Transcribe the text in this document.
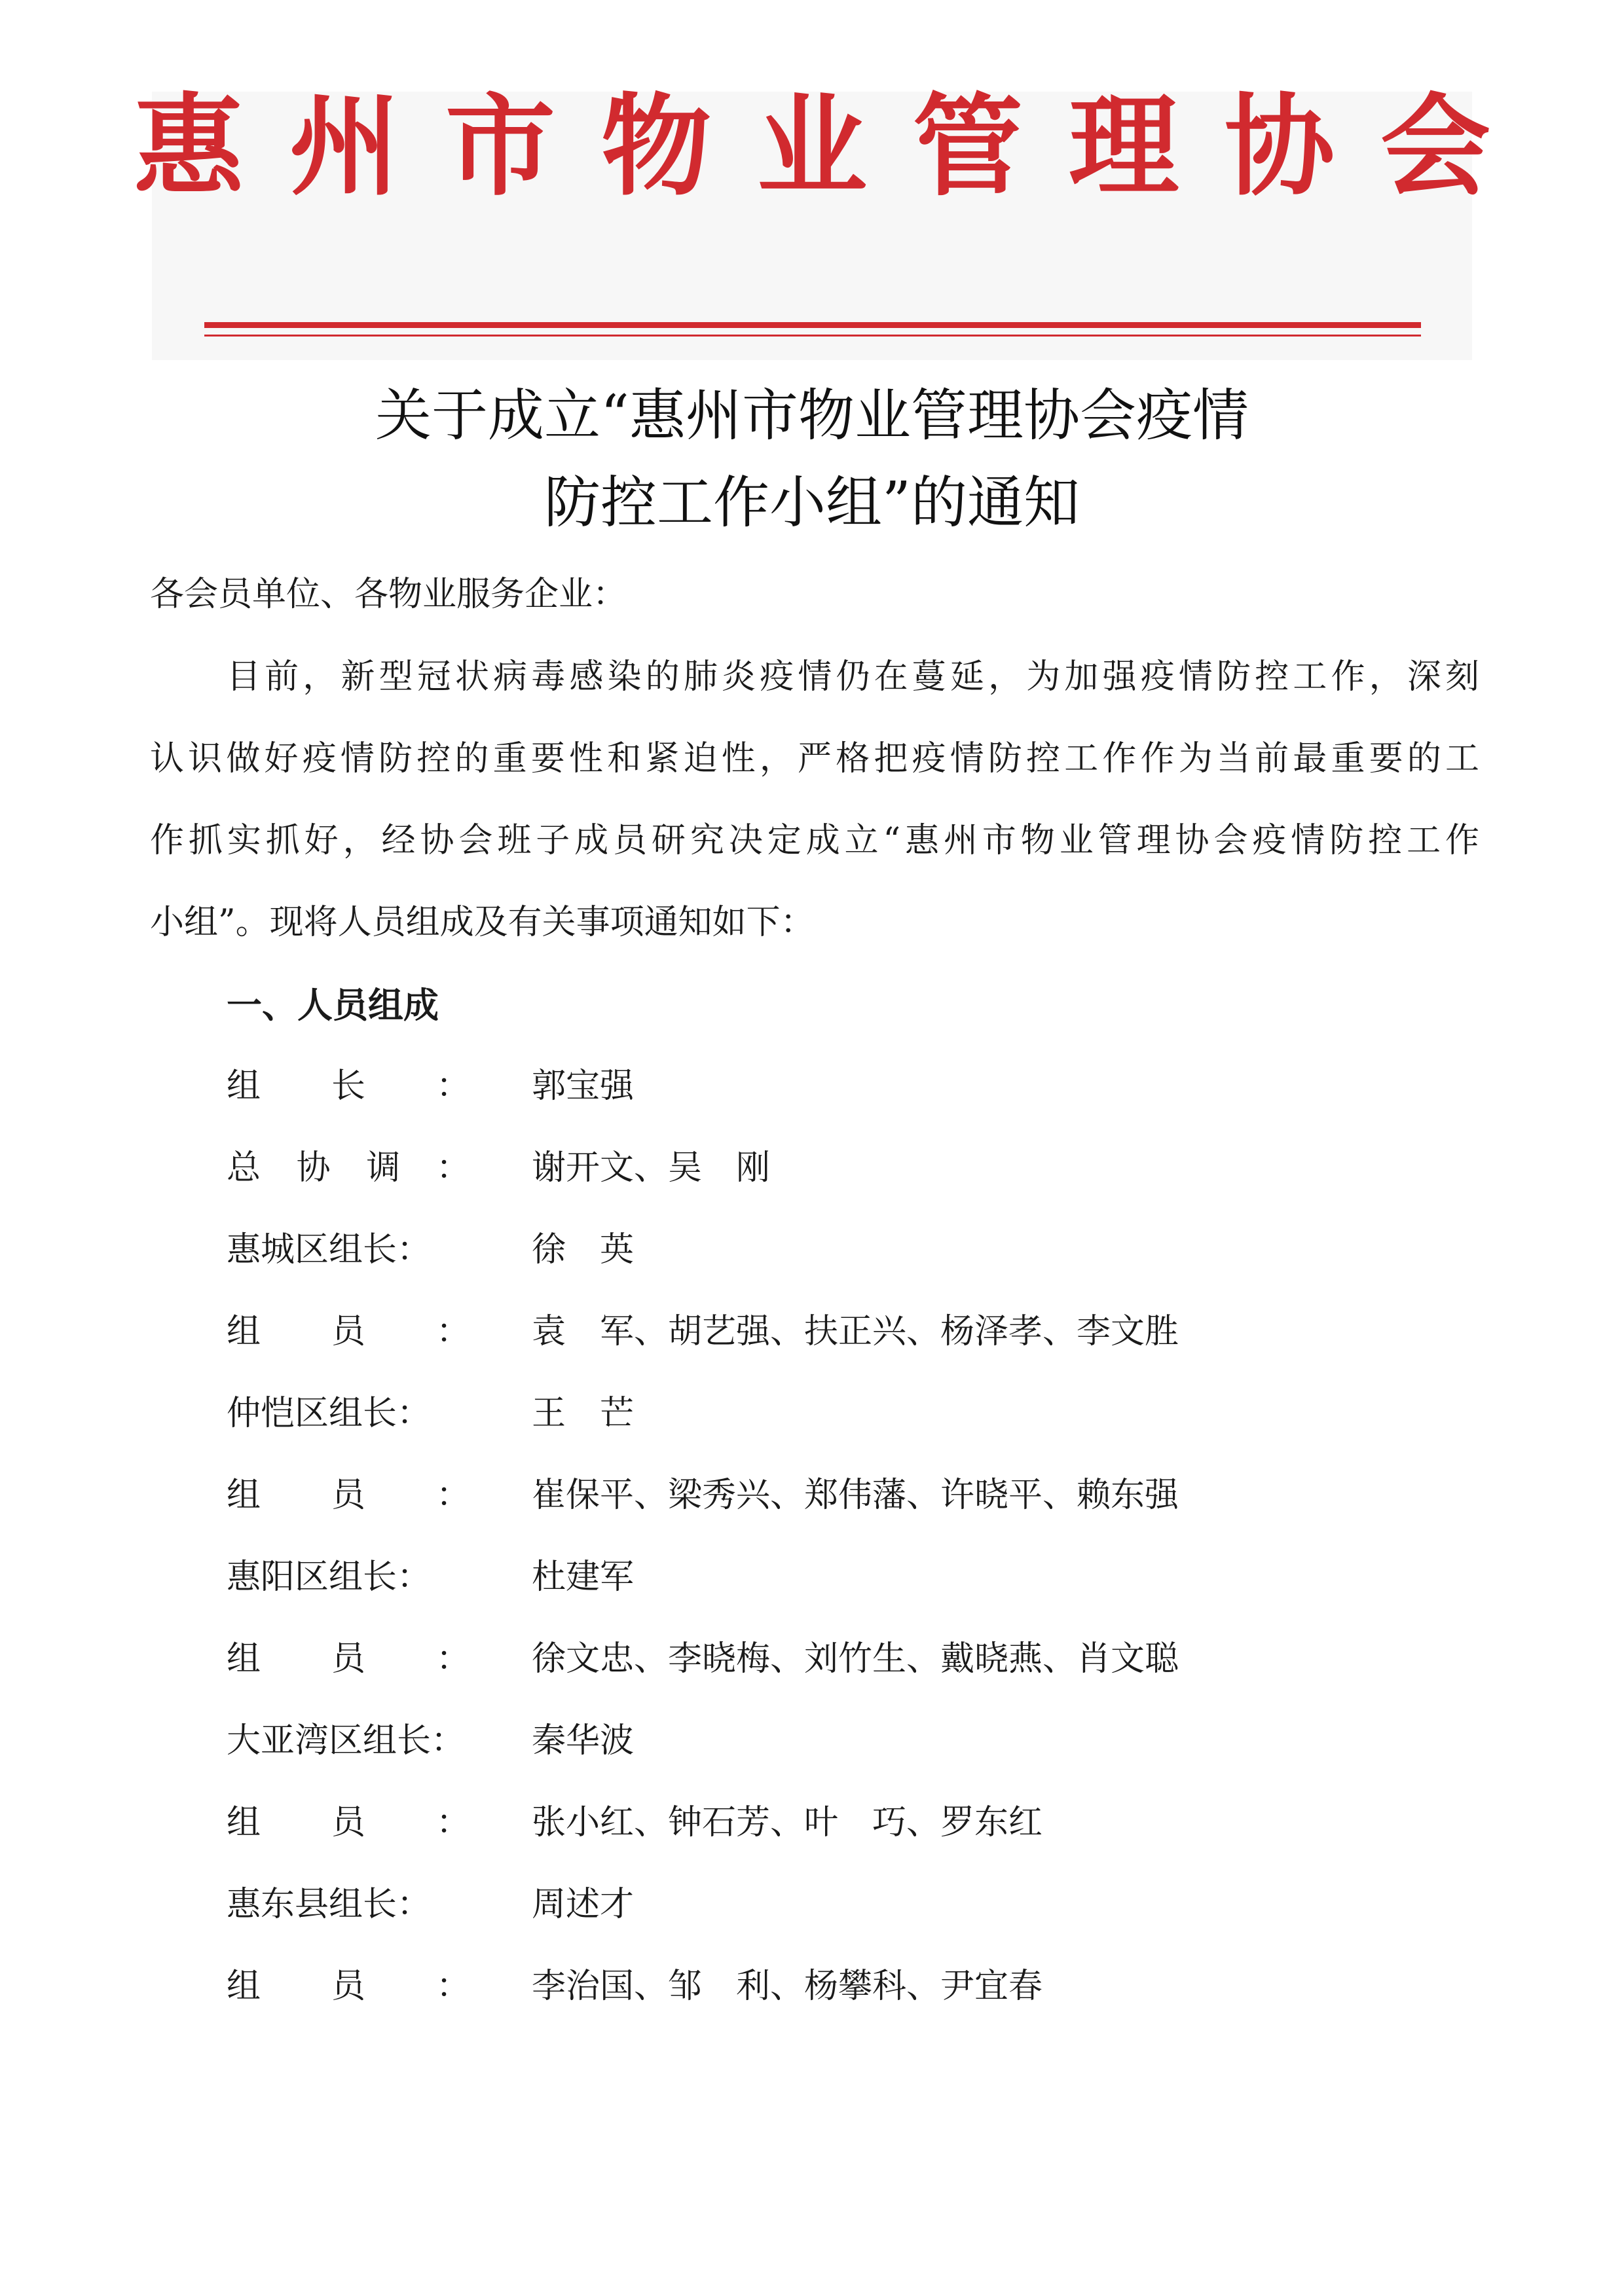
惠州市物业管理协会
关于成立“惠州市物业管理协会疫情
防控工作小组”的通知
各会员单位、各物业服务企业：
目前，新型冠状病毒感染的肺炎疫情仍在蔓延，为加强疫情防控工作，深刻
认识做好疫情防控的重要性和紧迫性，严格把疫情防控工作作为当前最重要的工
作抓实抓好，经协会班子成员研究决定成立“惠州市物业管理协会疫情防控工作
小组”。现将人员组成及有关事项通知如下：
一、人员组成
组长： 郭宝强
总协调： 谢开文、吴　刚
惠城区组长：	徐　英
组员： 袁　军、胡艺强、扶正兴、杨泽孝、李文胜
仲恺区组长：	王　芒
组员： 崔保平、梁秀兴、郑伟藩、许晓平、赖东强
惠阳区组长：	杜建军
组员： 徐文忠、李晓梅、刘竹生、戴晓燕、肖文聪
大亚湾区组长： 秦华波
组员： 张小红、钟石芳、叶　巧、罗东红
惠东县组长：	周述才
组员： 李治国、邹　利、杨攀科、尹宜春
